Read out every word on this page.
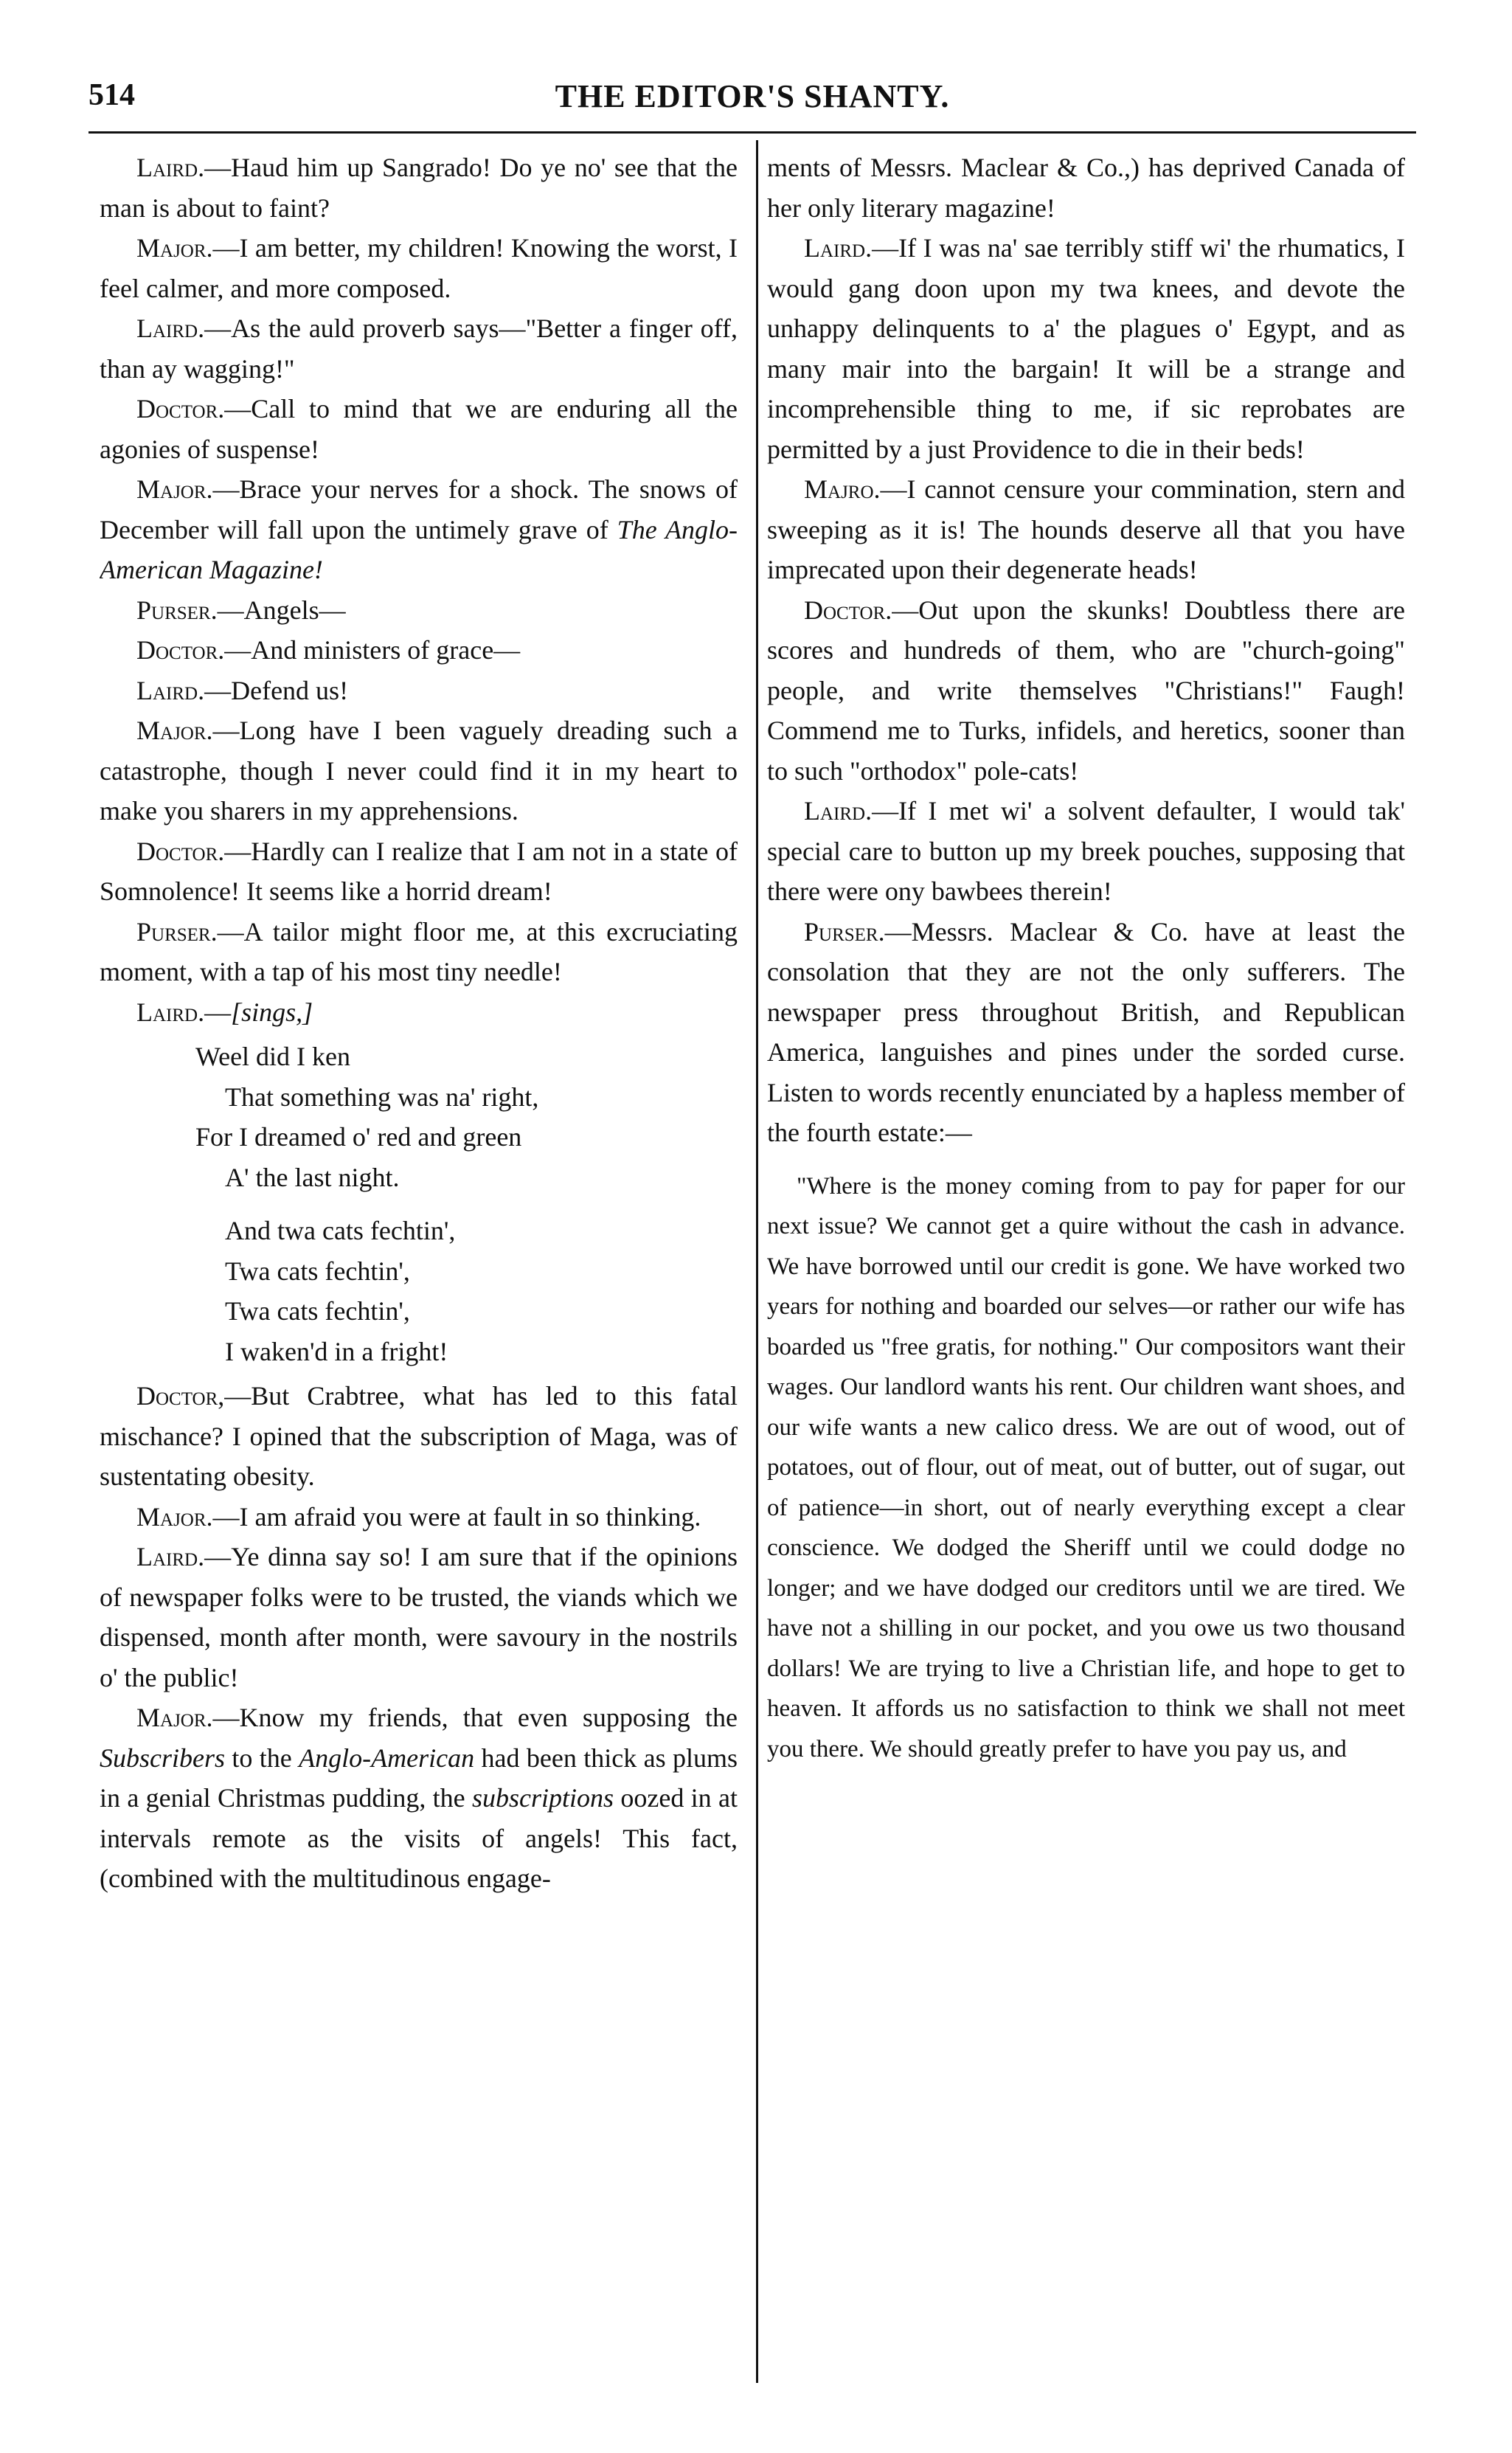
514	THE EDITOR'S SHANTY.

Laird.—Haud him up Sangrado! Do ye no' see that the man is about to faint?

Major.—I am better, my children! Knowing the worst, I feel calmer, and more composed.

Laird.—As the auld proverb says—"Better a finger off, than ay wagging!"

Doctor.—Call to mind that we are enduring all the agonies of suspense!

Major.—Brace your nerves for a shock. The snows of December will fall upon the untimely grave of The Anglo-American Magazine!

Purser.—Angels—

Doctor.—And ministers of grace—

Laird.—Defend us!

Major.—Long have I been vaguely dreading such a catastrophe, though I never could find it in my heart to make you sharers in my apprehensions.

Doctor.—Hardly can I realize that I am not in a state of Somnolence! It seems like a horrid dream!

Purser.—A tailor might floor me, at this excruciating moment, with a tap of his most tiny needle!

Laird.—[sings,]

Weel did I ken
That something was na' right,
For I dreamed o' red and green
A' the last night.
And twa cats fechtin',
Twa cats fechtin',
Twa cats fechtin',
I waken'd in a fright!

Doctor,—But Crabtree, what has led to this fatal mischance? I opined that the subscription of Maga, was of sustentating obesity.

Major.—I am afraid you were at fault in so thinking.

Laird.—Ye dinna say so! I am sure that if the opinions of newspaper folks were to be trusted, the viands which we dispensed, month after month, were savoury in the nostrils o' the public!

Major.—Know my friends, that even supposing the Subscribers to the Anglo-American had been thick as plums in a genial Christmas pudding, the subscriptions oozed in at intervals remote as the visits of angels! This fact, (combined with the multitudinous engage-

ments of Messrs. Maclear & Co.,) has deprived Canada of her only literary magazine!

Laird.—If I was na' sae terribly stiff wi' the rhumatics, I would gang doon upon my twa knees, and devote the unhappy delinquents to a' the plagues o' Egypt, and as many mair into the bargain! It will be a strange and incomprehensible thing to me, if sic reprobates are permitted by a just Providence to die in their beds!

Majro.—I cannot censure your commination, stern and sweeping as it is! The hounds deserve all that you have imprecated upon their degenerate heads!

Doctor.—Out upon the skunks! Doubtless there are scores and hundreds of them, who are "church-going" people, and write themselves "Christians!" Faugh! Commend me to Turks, infidels, and heretics, sooner than to such "orthodox" pole-cats!

Laird.—If I met wi' a solvent defaulter, I would tak' special care to button up my breek pouches, supposing that there were ony bawbees therein!

Purser.—Messrs. Maclear & Co. have at least the consolation that they are not the only sufferers. The newspaper press throughout British, and Republican America, languishes and pines under the sorded curse. Listen to words recently enunciated by a hapless member of the fourth estate:—

"Where is the money coming from to pay for paper for our next issue? We cannot get a quire without the cash in advance. We have borrowed until our credit is gone. We have worked two years for nothing and boarded our selves—or rather our wife has boarded us "free gratis, for nothing." Our compositors want their wages. Our landlord wants his rent. Our children want shoes, and our wife wants a new calico dress. We are out of wood, out of potatoes, out of flour, out of meat, out of butter, out of sugar, out of patience—in short, out of nearly everything except a clear conscience. We dodged the Sheriff until we could dodge no longer; and we have dodged our creditors until we are tired. We have not a shilling in our pocket, and you owe us two thousand dollars! We are trying to live a Christian life, and hope to get to heaven. It affords us no satisfaction to think we shall not meet you there. We should greatly prefer to have you pay us, and
